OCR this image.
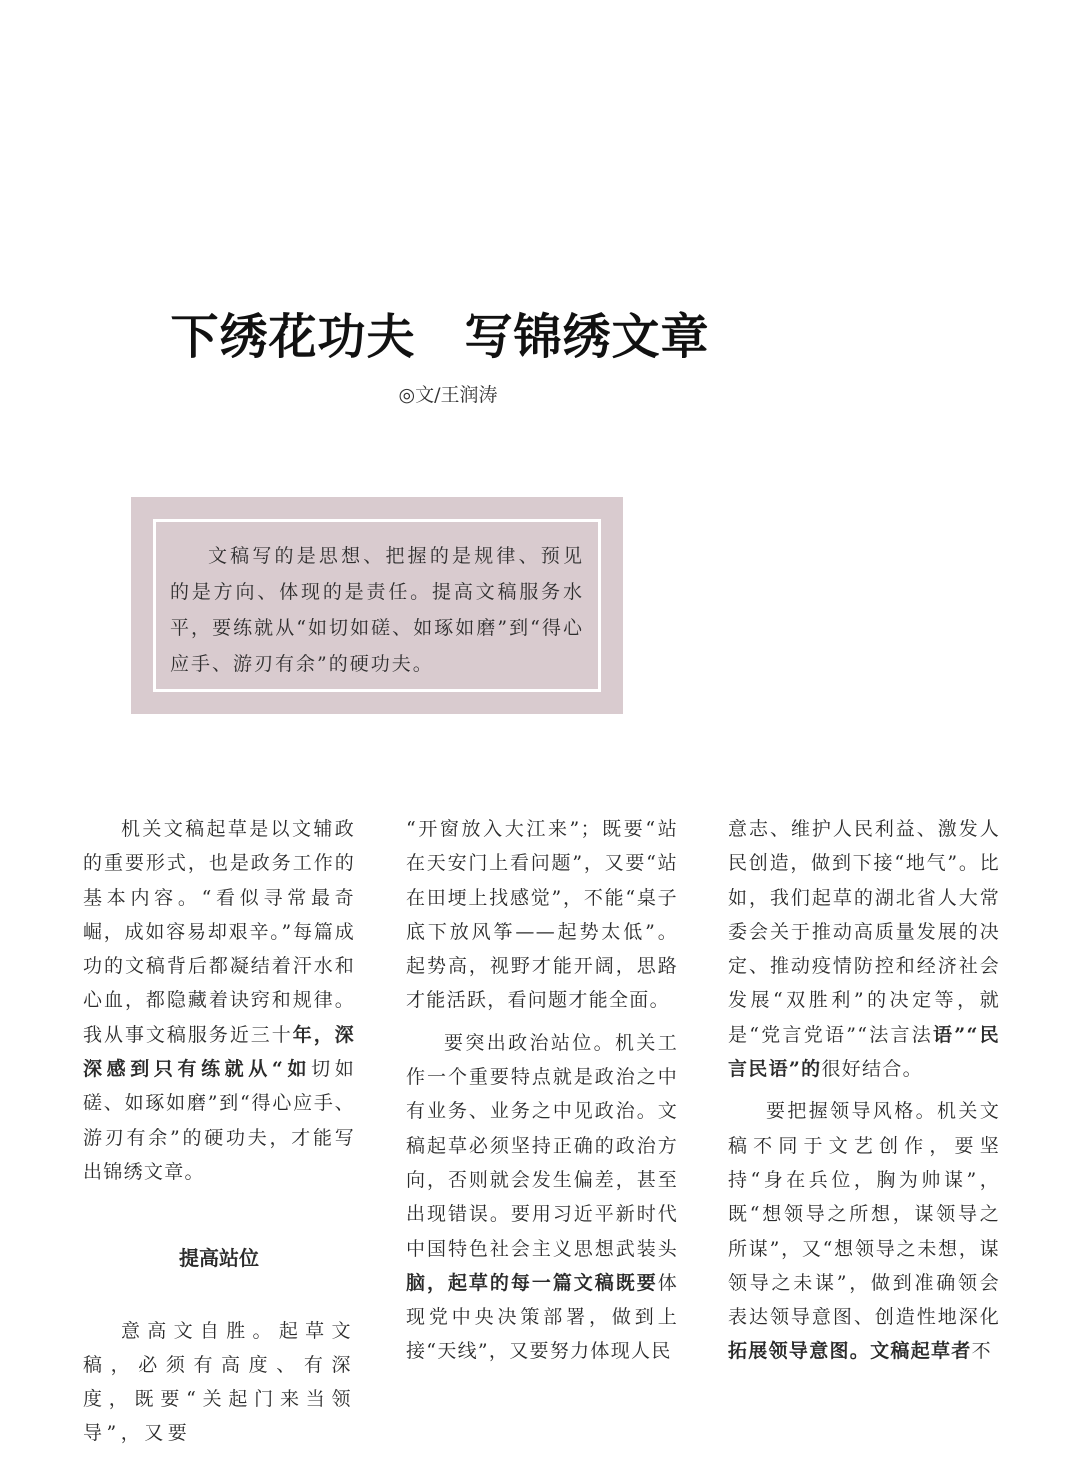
下绣花功夫　写锦绣文章
◎文/王润涛

文稿写的是思想、把握的是规律、预见的是方向、体现的是责任。提高文稿服务水平，要练就从“如切如磋、如琢如磨”到“得心应手、游刃有余”的硬功夫。

机关文稿起草是以文辅政的重要形式，也是政务工作的基本内容。“看似寻常最奇崛，成如容易却艰辛。”每篇成功的文稿背后都凝结着汗水和心血，都隐藏着诀窍和规律。我从事文稿服务近三十年，深深感到只有练就从“如切如磋、如琢如磨”到“得心应手、游刃有余”的硬功夫，才能写出锦绣文章。

提高站位

意高文自胜。起草文稿，必须有高度、有深度，既要“关起门来当领导”，又要

“开窗放入大江来”；既要“站在天安门上看问题”，又要“站在田埂上找感觉”，不能“桌子底下放风筝——起势太低”。起势高，视野才能开阔，思路才能活跃，看问题才能全面。

要突出政治站位。机关工作一个重要特点就是政治之中有业务、业务之中见政治。文稿起草必须坚持正确的政治方向，否则就会发生偏差，甚至出现错误。要用习近平新时代中国特色社会主义思想武装头脑，起草的每一篇文稿既要体现党中央决策部署，做到上接“天线”，又要努力体现人民

意志、维护人民利益、激发人民创造，做到下接“地气”。比如，我们起草的湖北省人大常委会关于推动高质量发展的决定、推动疫情防控和经济社会发展“双胜利”的决定等，就是“党言党语”“法言法语”“民言民语”的很好结合。

要把握领导风格。机关文稿不同于文艺创作，要坚持“身在兵位，胸为帅谋”，既“想领导之所想，谋领导之所谋”，又“想领导之未想，谋领导之未谋”，做到准确领会表达领导意图、创造性地深化拓展领导意图。文稿起草者不
